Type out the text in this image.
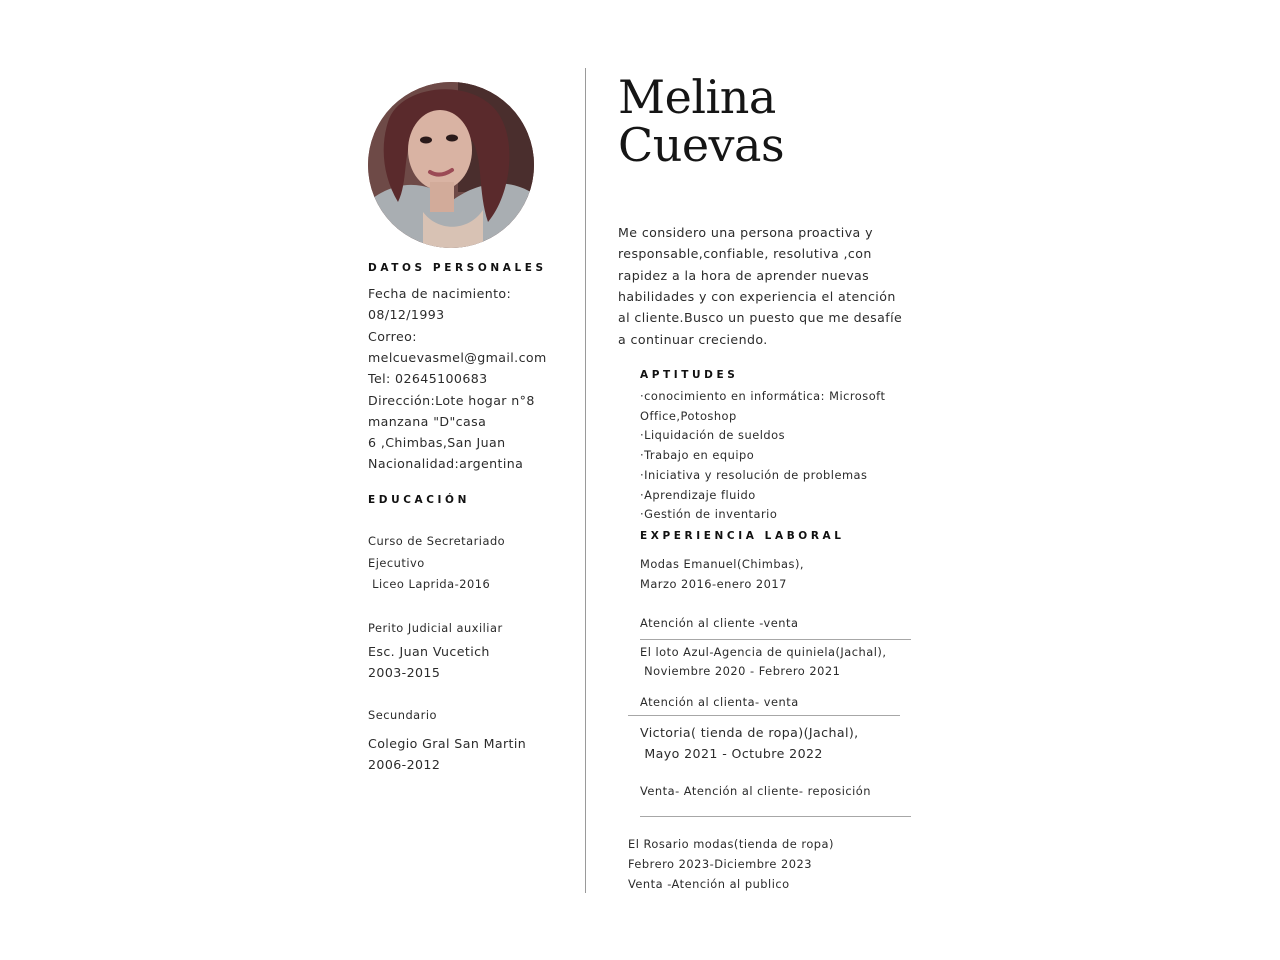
DATOS PERSONALES
Fecha de nacimiento:
08/12/1993
Correo:
melcuevasmel@gmail.com
Tel: 02645100683
Dirección:Lote hogar n°8
manzana "D"casa
6 ,Chimbas,San Juan
Nacionalidad:argentina
EDUCACIÓN
Curso de Secretariado
Ejecutivo
Liceo Laprida-2016
Perito Judicial auxiliar
Esc. Juan Vucetich
2003-2015
Secundario
Colegio Gral San Martin
2006-2012
Melina
Cuevas
Me considero una persona proactiva y
responsable,confiable, resolutiva ,con
rapidez a la hora de aprender nuevas
habilidades y con experiencia el atención
al cliente.Busco un puesto que me desafíe
a continuar creciendo.
APTITUDES
·conocimiento en informática: Microsoft
Office,Potoshop
·Liquidación de sueldos
·Trabajo en equipo
·Iniciativa y resolución de problemas
·Aprendizaje fluido
·Gestión de inventario
EXPERIENCIA LABORAL
Modas Emanuel(Chimbas),
Marzo 2016-enero 2017
Atención al cliente -venta
El loto Azul-Agencia de quiniela(Jachal),
Noviembre 2020 - Febrero 2021
Atención al clienta- venta
Victoria( tienda de ropa)(Jachal),
Mayo 2021 - Octubre 2022
Venta- Atención al cliente- reposición
El Rosario modas(tienda de ropa)
Febrero 2023-Diciembre 2023
Venta -Atención al publico
